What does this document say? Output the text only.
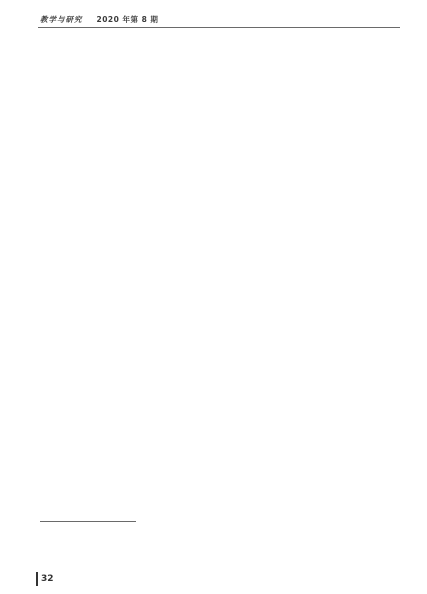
教学与研究 2020 年第 8 期

32
